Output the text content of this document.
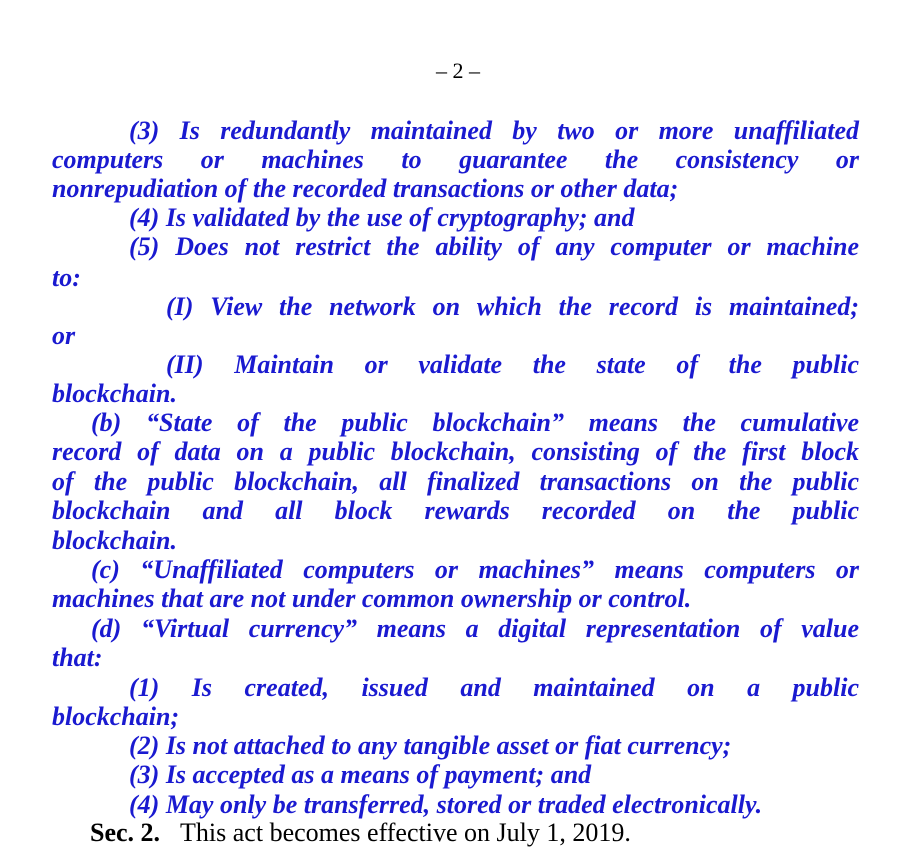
– 2 –
(3) Is redundantly maintained by two or more unaffiliated
computers or machines to guarantee the consistency or
nonrepudiation of the recorded transactions or other data;
(4) Is validated by the use of cryptography; and
(5) Does not restrict the ability of any computer or machine
to:
(I) View the network on which the record is maintained;
or
(II) Maintain or validate the state of the public
blockchain.
(b) “State of the public blockchain” means the cumulative
record of data on a public blockchain, consisting of the first block
of the public blockchain, all finalized transactions on the public
blockchain and all block rewards recorded on the public
blockchain.
(c) “Unaffiliated computers or machines” means computers or
machines that are not under common ownership or control.
(d) “Virtual currency” means a digital representation of value
that:
(1) Is created, issued and maintained on a public
blockchain;
(2) Is not attached to any tangible asset or fiat currency;
(3) Is accepted as a means of payment; and
(4) May only be transferred, stored or traded electronically.
Sec. 2. This act becomes effective on July 1, 2019.
